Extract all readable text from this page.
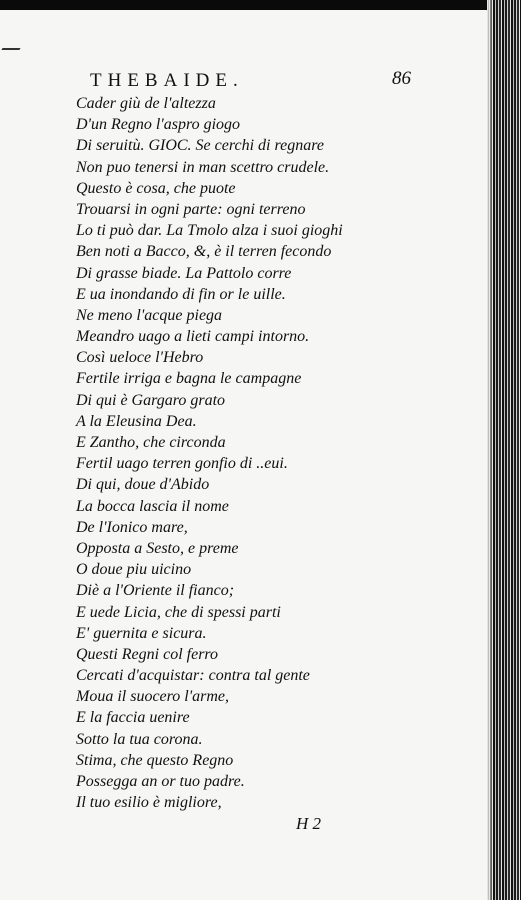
THEBAIDE.	86
Cader giù de l'altezza
D'un Regno l'aspro giogo
Di seruitù. GIOC. Se cerchi di regnare
Non puo tenersi in man scettro crudele.
Questo è cosa, che puote
Trouarsi in ogni parte: ogni terreno
Lo ti può dar. La Tmolo alza i suoi gioghi
Ben noti a Bacco, &, è il terren fecondo
Di grasse biade. La Pattolo corre
E ua inondando di fin or le uille.
Ne meno l'acque piega
Meandro uago a lieti campi intorno.
Così ueloce l'Hebro
Fertile irriga e bagna le campagne
Di qui è Gargaro grato
A la Eleusina Dea.
E Zantho, che circonda
Fertil uago terren gonfio di ..eui.
Di qui, doue d'Abido
La bocca lascia il nome
De l'Ionico mare,
Opposta a Sesto, e preme
O doue piu uicino
Diè a l'Oriente il fianco;
E uede Licia, che di spessi parti
E' guernita e sicura.
Questi Regni col ferro
Cercati d'acquistar: contra tal gente
Moua il suocero l'arme,
E la faccia uenire
Sotto la tua corona.
Stima, che questo Regno
Possegga an or tuo padre.
Il tuo esilio è migliore,
H 2
